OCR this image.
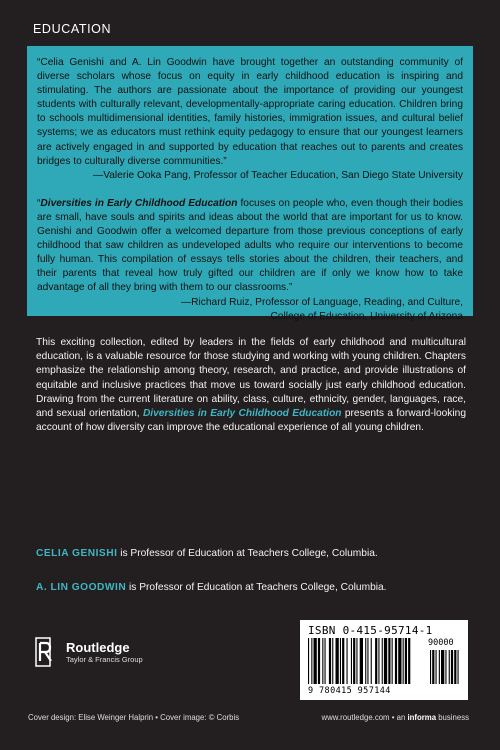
EDUCATION

“Celia Genishi and A. Lin Goodwin have brought together an outstanding community of diverse scholars whose focus on equity in early childhood education is inspiring and stimulating. The authors are passionate about the importance of providing our youngest students with culturally relevant, developmentally-appropriate caring education. Children bring to schools multidimensional identities, family histories, immigration issues, and cultural belief systems; we as educators must rethink equity pedagogy to ensure that our youngest learners are actively engaged in and supported by education that reaches out to parents and creates bridges to culturally diverse communities.”

—Valerie Ooka Pang, Professor of Teacher Education, San Diego State University

“Diversities in Early Childhood Education focuses on people who, even though their bodies are small, have souls and spirits and ideas about the world that are important for us to know. Genishi and Goodwin offer a welcomed departure from those previous conceptions of early childhood that saw children as undeveloped adults who require our interventions to become fully human. This compilation of essays tells stories about the children, their teachers, and their parents that reveal how truly gifted our children are if only we know how to take advantage of all they bring with them to our classrooms.”

—Richard Ruiz, Professor of Language, Reading, and Culture,

College of Education, University of Arizona

This exciting collection, edited by leaders in the fields of early childhood and multicultural education, is a valuable resource for those studying and working with young children. Chapters emphasize the relationship among theory, research, and practice, and provide illustrations of equitable and inclusive practices that move us toward socially just early childhood education. Drawing from the current literature on ability, class, culture, ethnicity, gender, languages, race, and sexual orientation, Diversities in Early Childhood Education presents a forward-looking account of how diversity can improve the educational experience of all young children.

CELIA GENISHI is Professor of Education at Teachers College, Columbia.

A. LIN GOODWIN is Professor of Education at Teachers College, Columbia.

Routledge
Taylor & Francis Group
ISBN 0-415-95714-1
90000
9 780415 957144
Cover design: Elise Weinger Halprin • Cover image: © Corbis	www.routledge.com • an informa business
